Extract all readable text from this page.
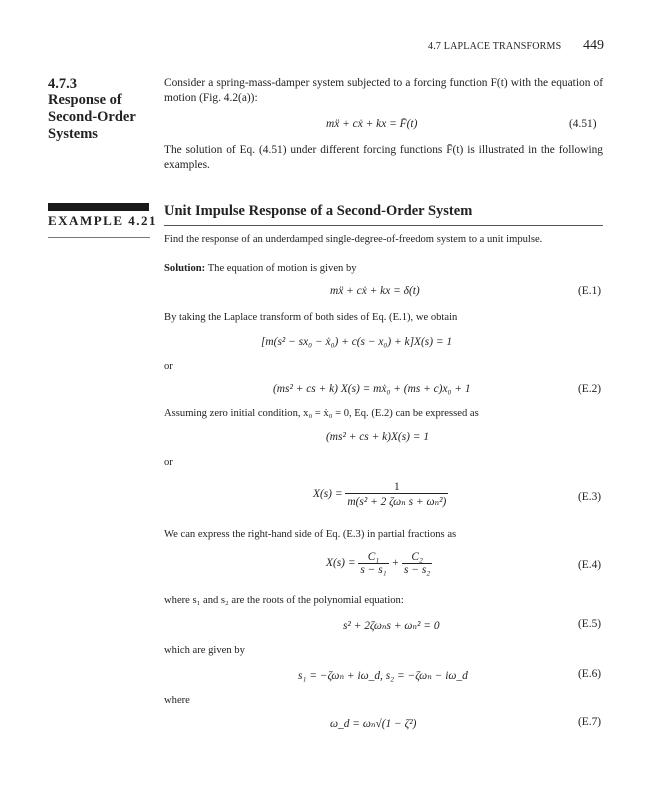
4.7 LAPLACE TRANSFORMS 449
4.7.3
Response of Second-Order Systems
Consider a spring-mass-damper system subjected to a forcing function F(t) with the equation of motion (Fig. 4.2(a)):
mẍ + cẋ + kx = F̄(t)	(4.51)
The solution of Eq. (4.51) under different forcing functions F̄(t) is illustrated in the following examples.
EXAMPLE 4.21
Unit Impulse Response of a Second-Order System
Find the response of an underdamped single-degree-of-freedom system to a unit impulse.
Solution: The equation of motion is given by
mẍ + cẋ + kx = δ(t)	(E.1)
By taking the Laplace transform of both sides of Eq. (E.1), we obtain
[m(s² − sx₀ − ẋ₀) + c(s − x₀) + k]X(s) = 1
or
(ms² + cs + k) X(s) = mẋ₀ + (ms + c)x₀ + 1	(E.2)
Assuming zero initial condition, x₀ = ẋ₀ = 0, Eq. (E.2) can be expressed as
(ms² + cs + k)X(s) = 1
or
$X(s) = \frac{1}{\text{m(s² + 2 ζωₙ s + ωₙ²)}}$	(E.3)
We can express the right-hand side of Eq. (E.3) in partial fractions as
$X(s) = \frac{\text{C₁}}{\text{s − s₁}} + \frac{\text{C₂}}{\text{s − s₂}}$	(E.4)
where s₁ and s₂ are the roots of the polynomial equation:
s² + 2ζωₙs + ωₙ² = 0	(E.5)
which are given by
s₁ = −ζωₙ + iω_d, s₂ = −ζωₙ − iω_d	(E.6)
where
ω_d = ωₙ√(1 − ζ²)	(E.7)
